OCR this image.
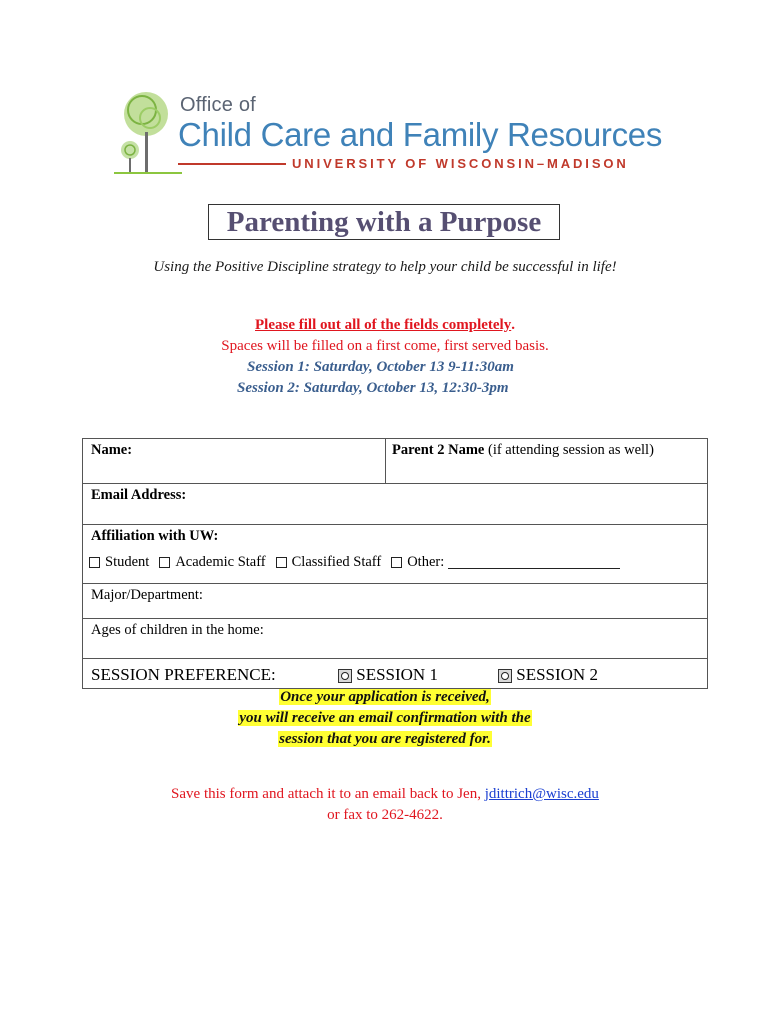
Office of
Child Care and Family Resources
UNIVERSITY OF WISCONSIN–MADISON
Parenting with a Purpose
Using the Positive Discipline strategy to help your child be successful in life!
Please fill out all of the fields completely.
Spaces will be filled on a first come, first served basis.
Session 1: Saturday, October 13 9-11:30am
Session 2: Saturday, October 13, 12:30-3pm
Name:	Parent 2 Name (if attending session as well)
Email Address:
Affiliation with UW:
Student Academic Staff Classified Staff Other:
Major/Department:
Ages of children in the home:
SESSION PREFERENCE:	SESSION 1	SESSION 2
Once your application is received,
you will receive an email confirmation with the
session that you are registered for.
Save this form and attach it to an email back to Jen, jdittrich@wisc.edu
or fax to 262-4622.
